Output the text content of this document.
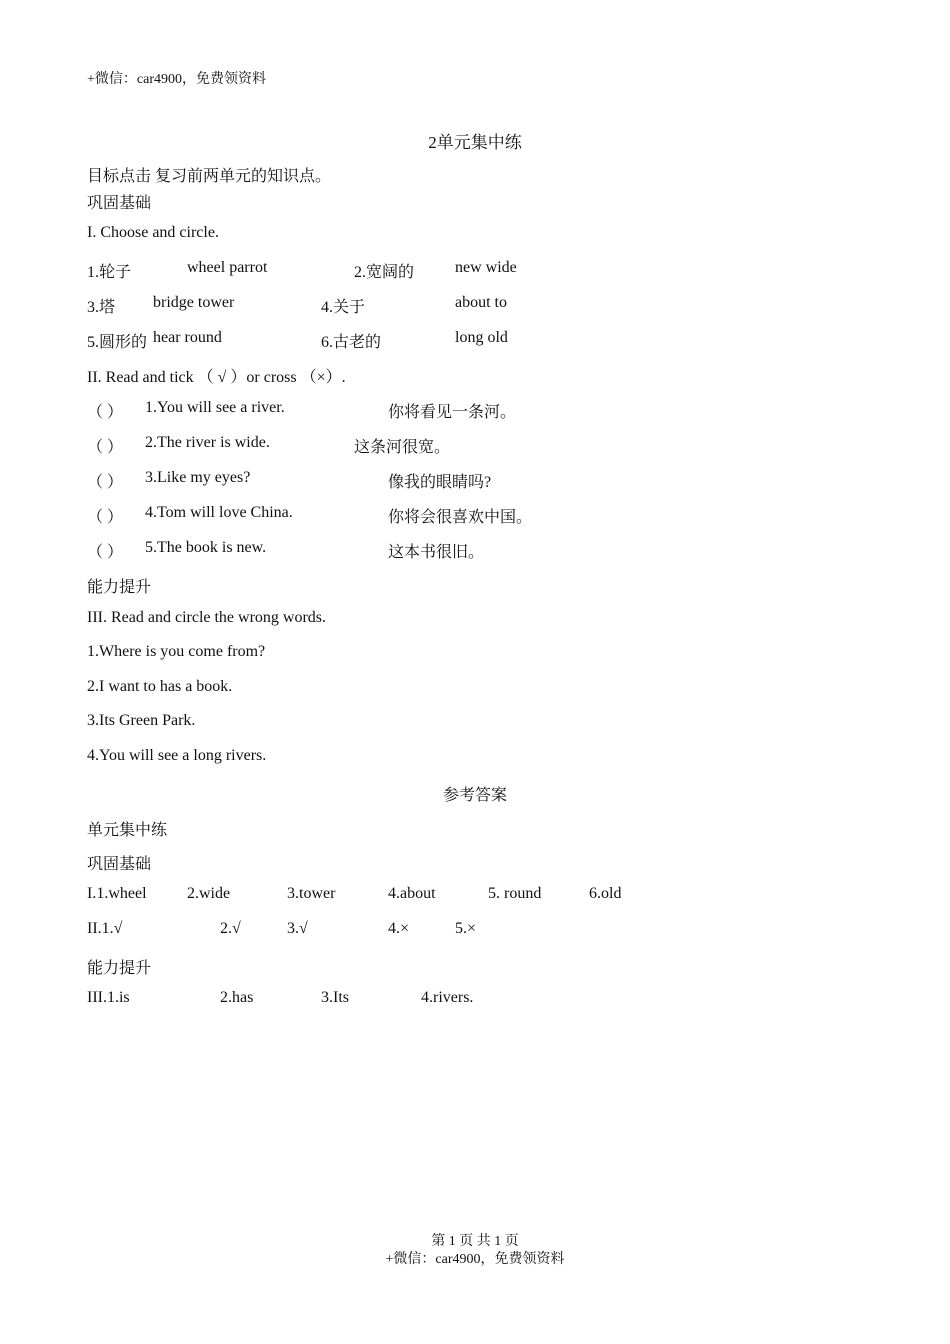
+微信：car4900，免费领资料
2单元集中练
目标点击 复习前两单元的知识点。
巩固基础
I. Choose and circle.
1.轮子	wheel parrot	2.宽阔的	new wide
3.塔 bridge tower	4.关于	about to
5.圆形的 hear round	6.古老的	long old
II. Read and tick （ √ ）or cross （×）.
（ ） 1.You will see a river.	你将看见一条河。
（ ） 2.The river is wide.	这条河很宽。
（ ） 3.Like my eyes?	像我的眼睛吗?
（ ） 4.Tom will love China.	你将会很喜欢中国。
（ ） 5.The book is new.	这本书很旧。
能力提升
III. Read and circle the wrong words.
1.Where is you come from?
2.I want to has a book.
3.Its Green Park.
4.You will see a long rivers.
参考答案
单元集中练
巩固基础
I.1.wheel	2.wide	3.tower	4.about	5. round	6.old
II.1.√	2.√	3.√	4.×	5.×
能力提升
III.1.is	2.has	3.Its	4.rivers.
第 1 页 共 1 页
+微信：car4900，免费领资料
